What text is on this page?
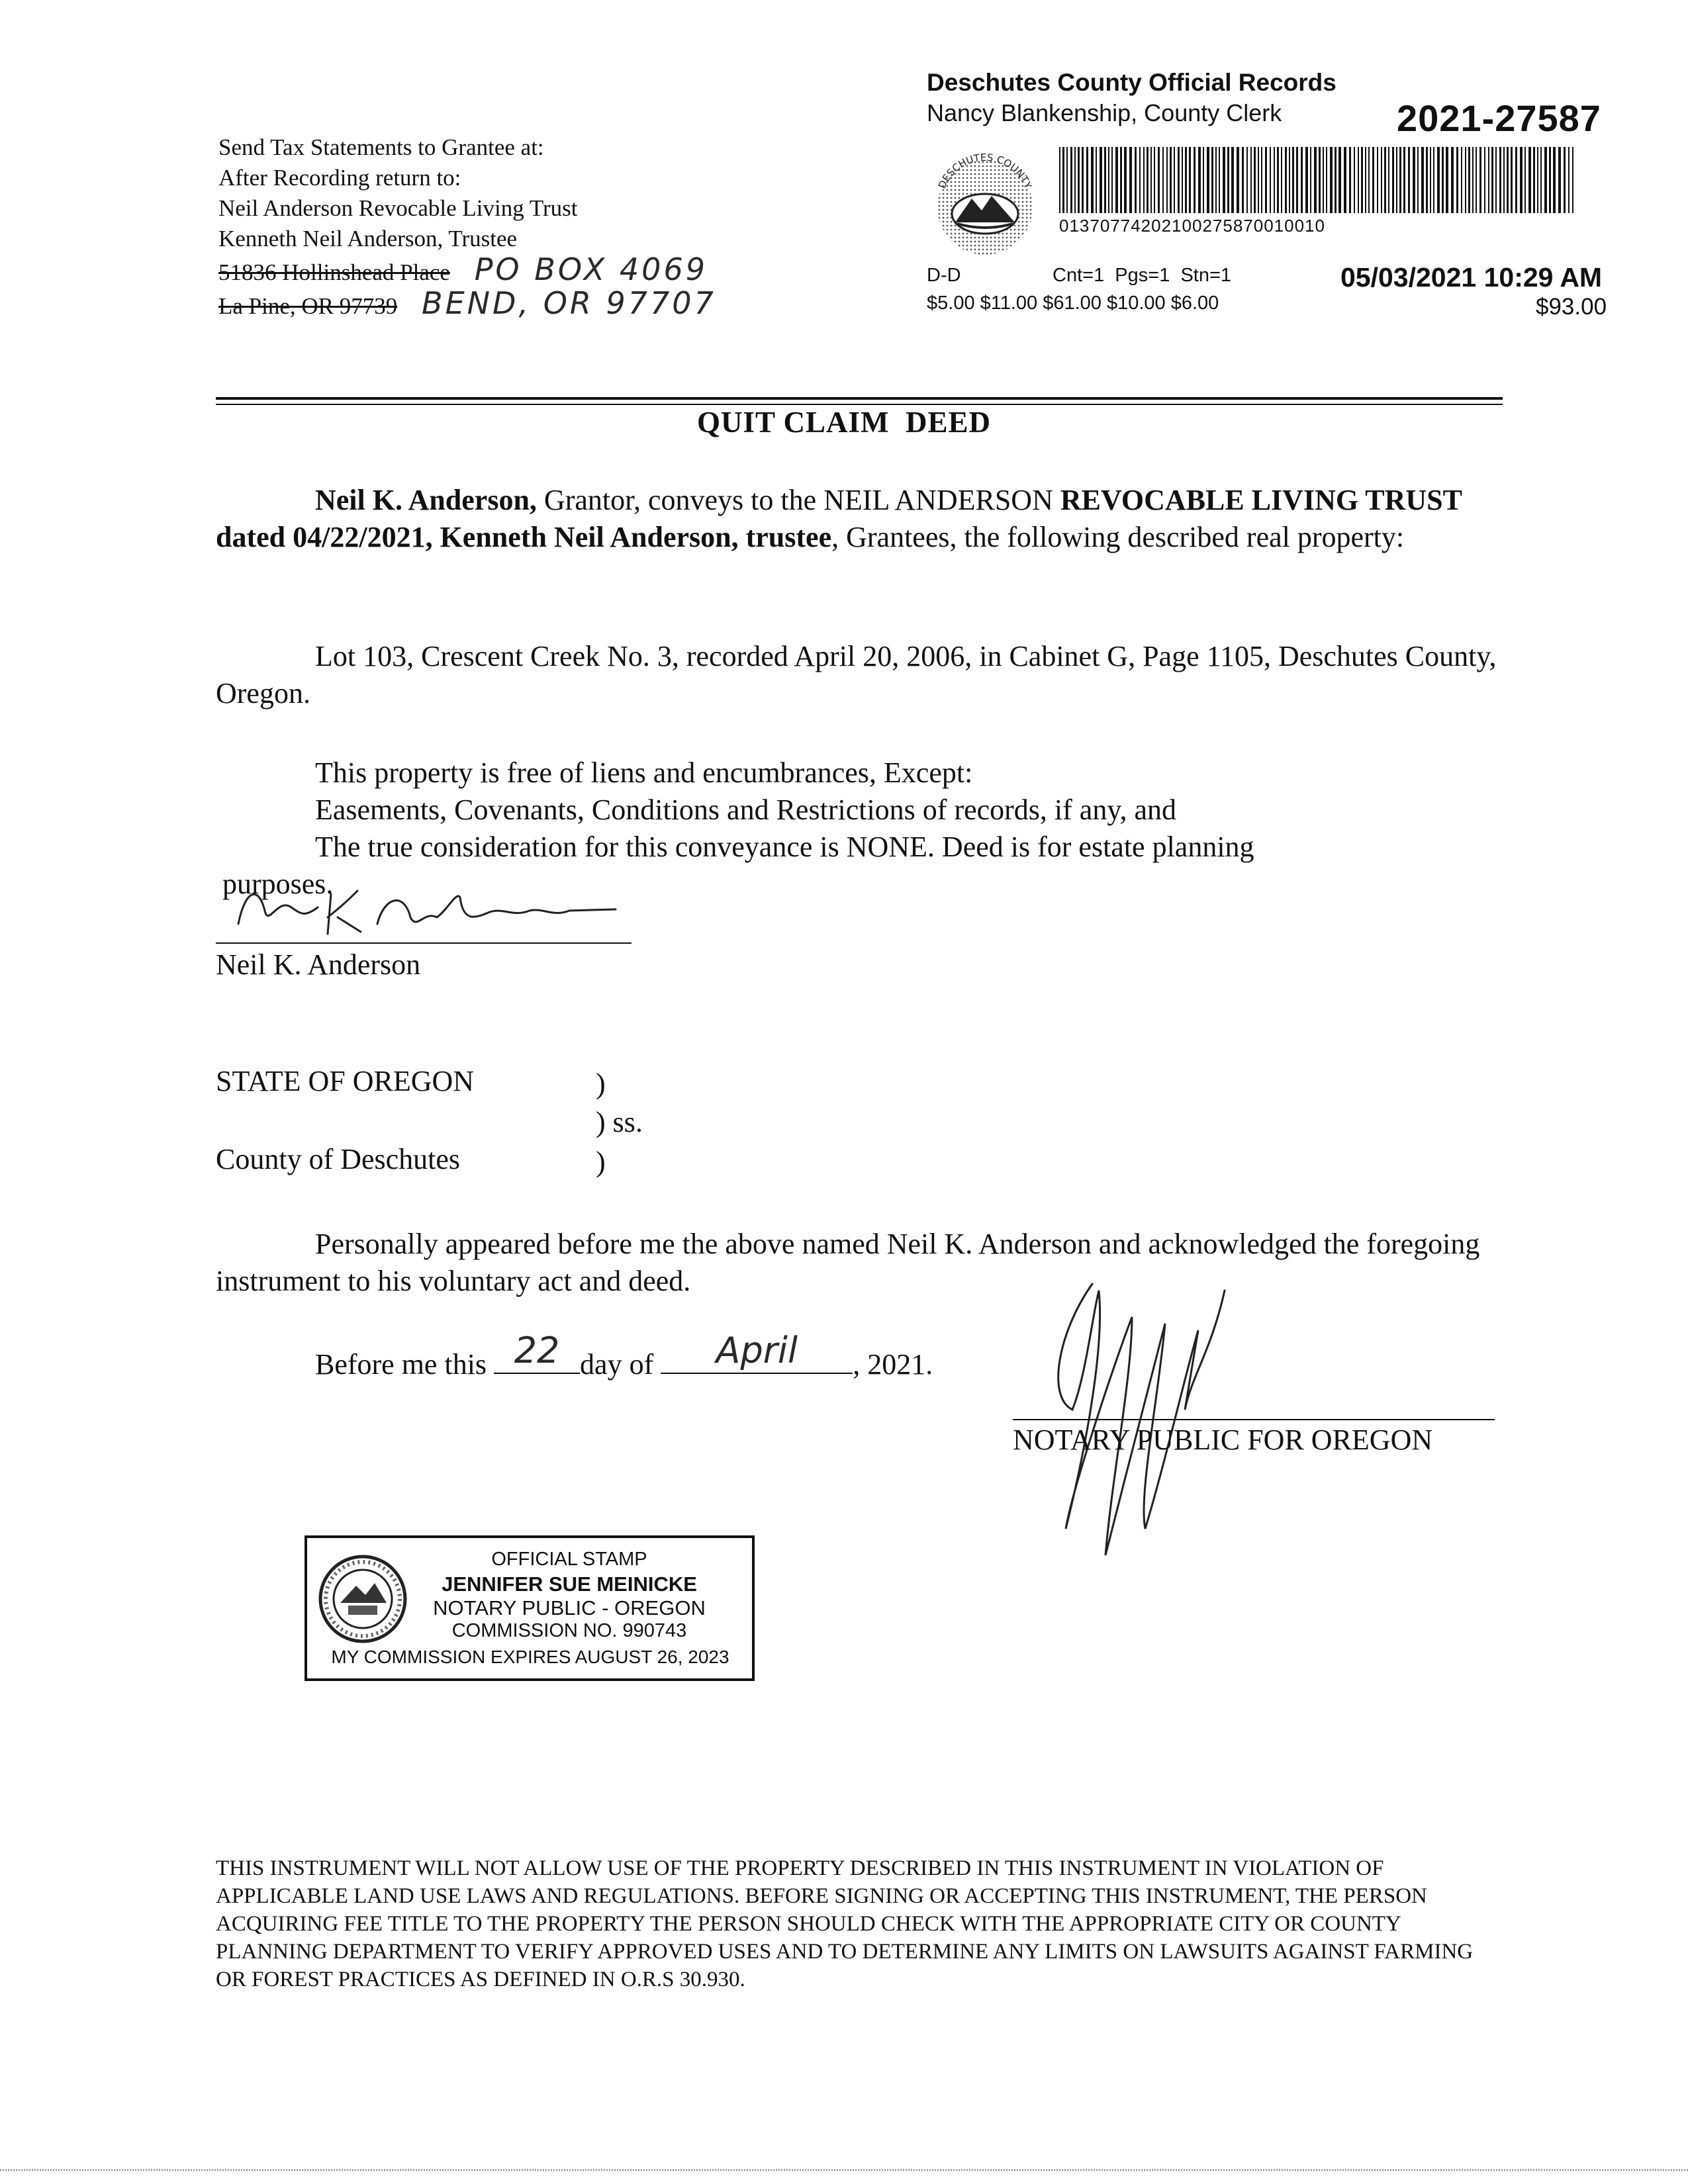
Send Tax Statements to Grantee at:
After Recording return to:
Neil Anderson Revocable Living Trust
Kenneth Neil Anderson, Trustee
51836 Hollinshead Place PO BOX 4069
La Pine, OR 97739 BEND, OR 97707
Deschutes County Official Records
Nancy Blankenship, County Clerk	2021-27587
DESCHUTES COUNTY
01370774202100275870010010
D-D	Cnt=1  Pgs=1  Stn=1
$5.00 $11.00 $61.00 $10.00 $6.00
05/03/2021 10:29 AM
$93.00
QUIT CLAIM  DEED
Neil K. Anderson, Grantor, conveys to the NEIL ANDERSON REVOCABLE LIVING TRUST dated 04/22/2021, Kenneth Neil Anderson, trustee, Grantees, the following described real property:
Lot 103, Crescent Creek No. 3, recorded April 20, 2006, in Cabinet G, Page 1105, Deschutes County, Oregon.
This property is free of liens and encumbrances, Except:
Easements, Covenants, Conditions and Restrictions of records, if any, and
The true consideration for this conveyance is NONE. Deed is for estate planning
purposes.
Neil K. Anderson
STATE OF OREGON
County of Deschutes
)
) ss.
)
Personally appeared before me the above named Neil K. Anderson and acknowledged the foregoing instrument to his voluntary act and deed.
Before me this 22 day of	April	, 2021.
NOTARY PUBLIC FOR OREGON
OFFICIAL STAMP
JENNIFER SUE MEINICKE
NOTARY PUBLIC - OREGON
COMMISSION NO. 990743
MY COMMISSION EXPIRES AUGUST 26, 2023
THIS INSTRUMENT WILL NOT ALLOW USE OF THE PROPERTY DESCRIBED IN THIS INSTRUMENT IN VIOLATION OF APPLICABLE LAND USE LAWS AND REGULATIONS. BEFORE SIGNING OR ACCEPTING THIS INSTRUMENT, THE PERSON ACQUIRING FEE TITLE TO THE PROPERTY THE PERSON SHOULD CHECK WITH THE APPROPRIATE CITY OR COUNTY PLANNING DEPARTMENT TO VERIFY APPROVED USES AND TO DETERMINE ANY LIMITS ON LAWSUITS AGAINST FARMING OR FOREST PRACTICES AS DEFINED IN O.R.S 30.930.
